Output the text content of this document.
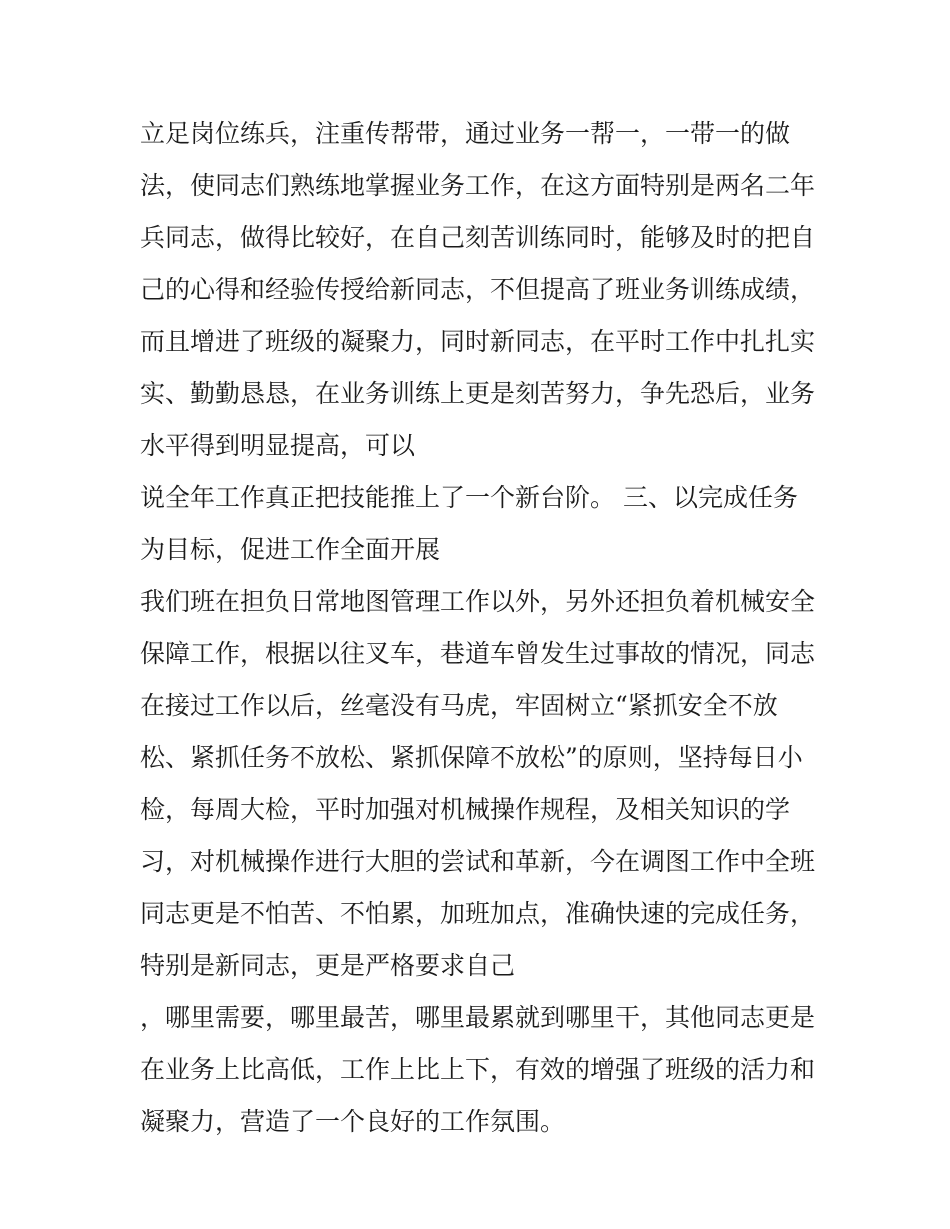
立足岗位练兵，注重传帮带，通过业务一帮一，一带一的做
法，使同志们熟练地掌握业务工作，在这方面特别是两名二年
兵同志，做得比较好，在自己刻苦训练同时，能够及时的把自
己的心得和经验传授给新同志，不但提高了班业务训练成绩，
而且增进了班级的凝聚力，同时新同志，在平时工作中扎扎实
实、勤勤恳恳，在业务训练上更是刻苦努力，争先恐后，业务
水平得到明显提高，可以
说全年工作真正把技能推上了一个新台阶。 三、以完成任务
为目标，促进工作全面开展
我们班在担负日常地图管理工作以外，另外还担负着机械安全
保障工作，根据以往叉车，巷道车曾发生过事故的情况，同志
在接过工作以后，丝毫没有马虎，牢固树立“紧抓安全不放
松、紧抓任务不放松、紧抓保障不放松”的原则，坚持每日小
检，每周大检，平时加强对机械操作规程，及相关知识的学
习，对机械操作进行大胆的尝试和革新，今在调图工作中全班
同志更是不怕苦、不怕累，加班加点，准确快速的完成任务，
特别是新同志，更是严格要求自己
，哪里需要，哪里最苦，哪里最累就到哪里干，其他同志更是
在业务上比高低，工作上比上下，有效的增强了班级的活力和
凝聚力，营造了一个良好的工作氛围。
